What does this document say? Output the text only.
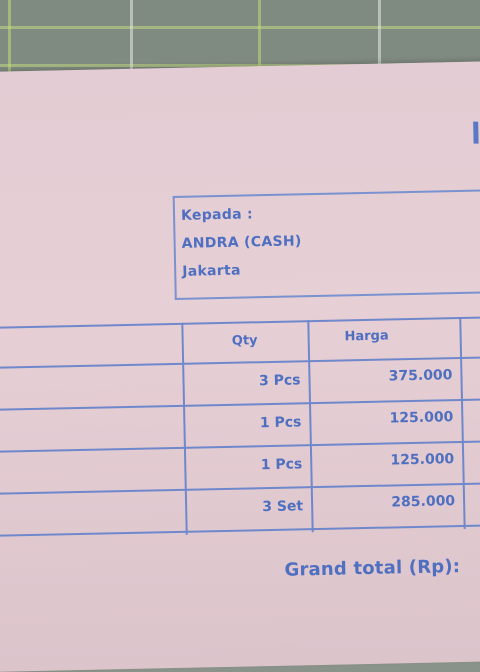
Kepada :
ANDRA (CASH)
Jakarta
Qty	Harga
3 Pcs	375.000
1 Pcs	125.000
1 Pcs	125.000
3 Set	285.000
Grand total (Rp):
